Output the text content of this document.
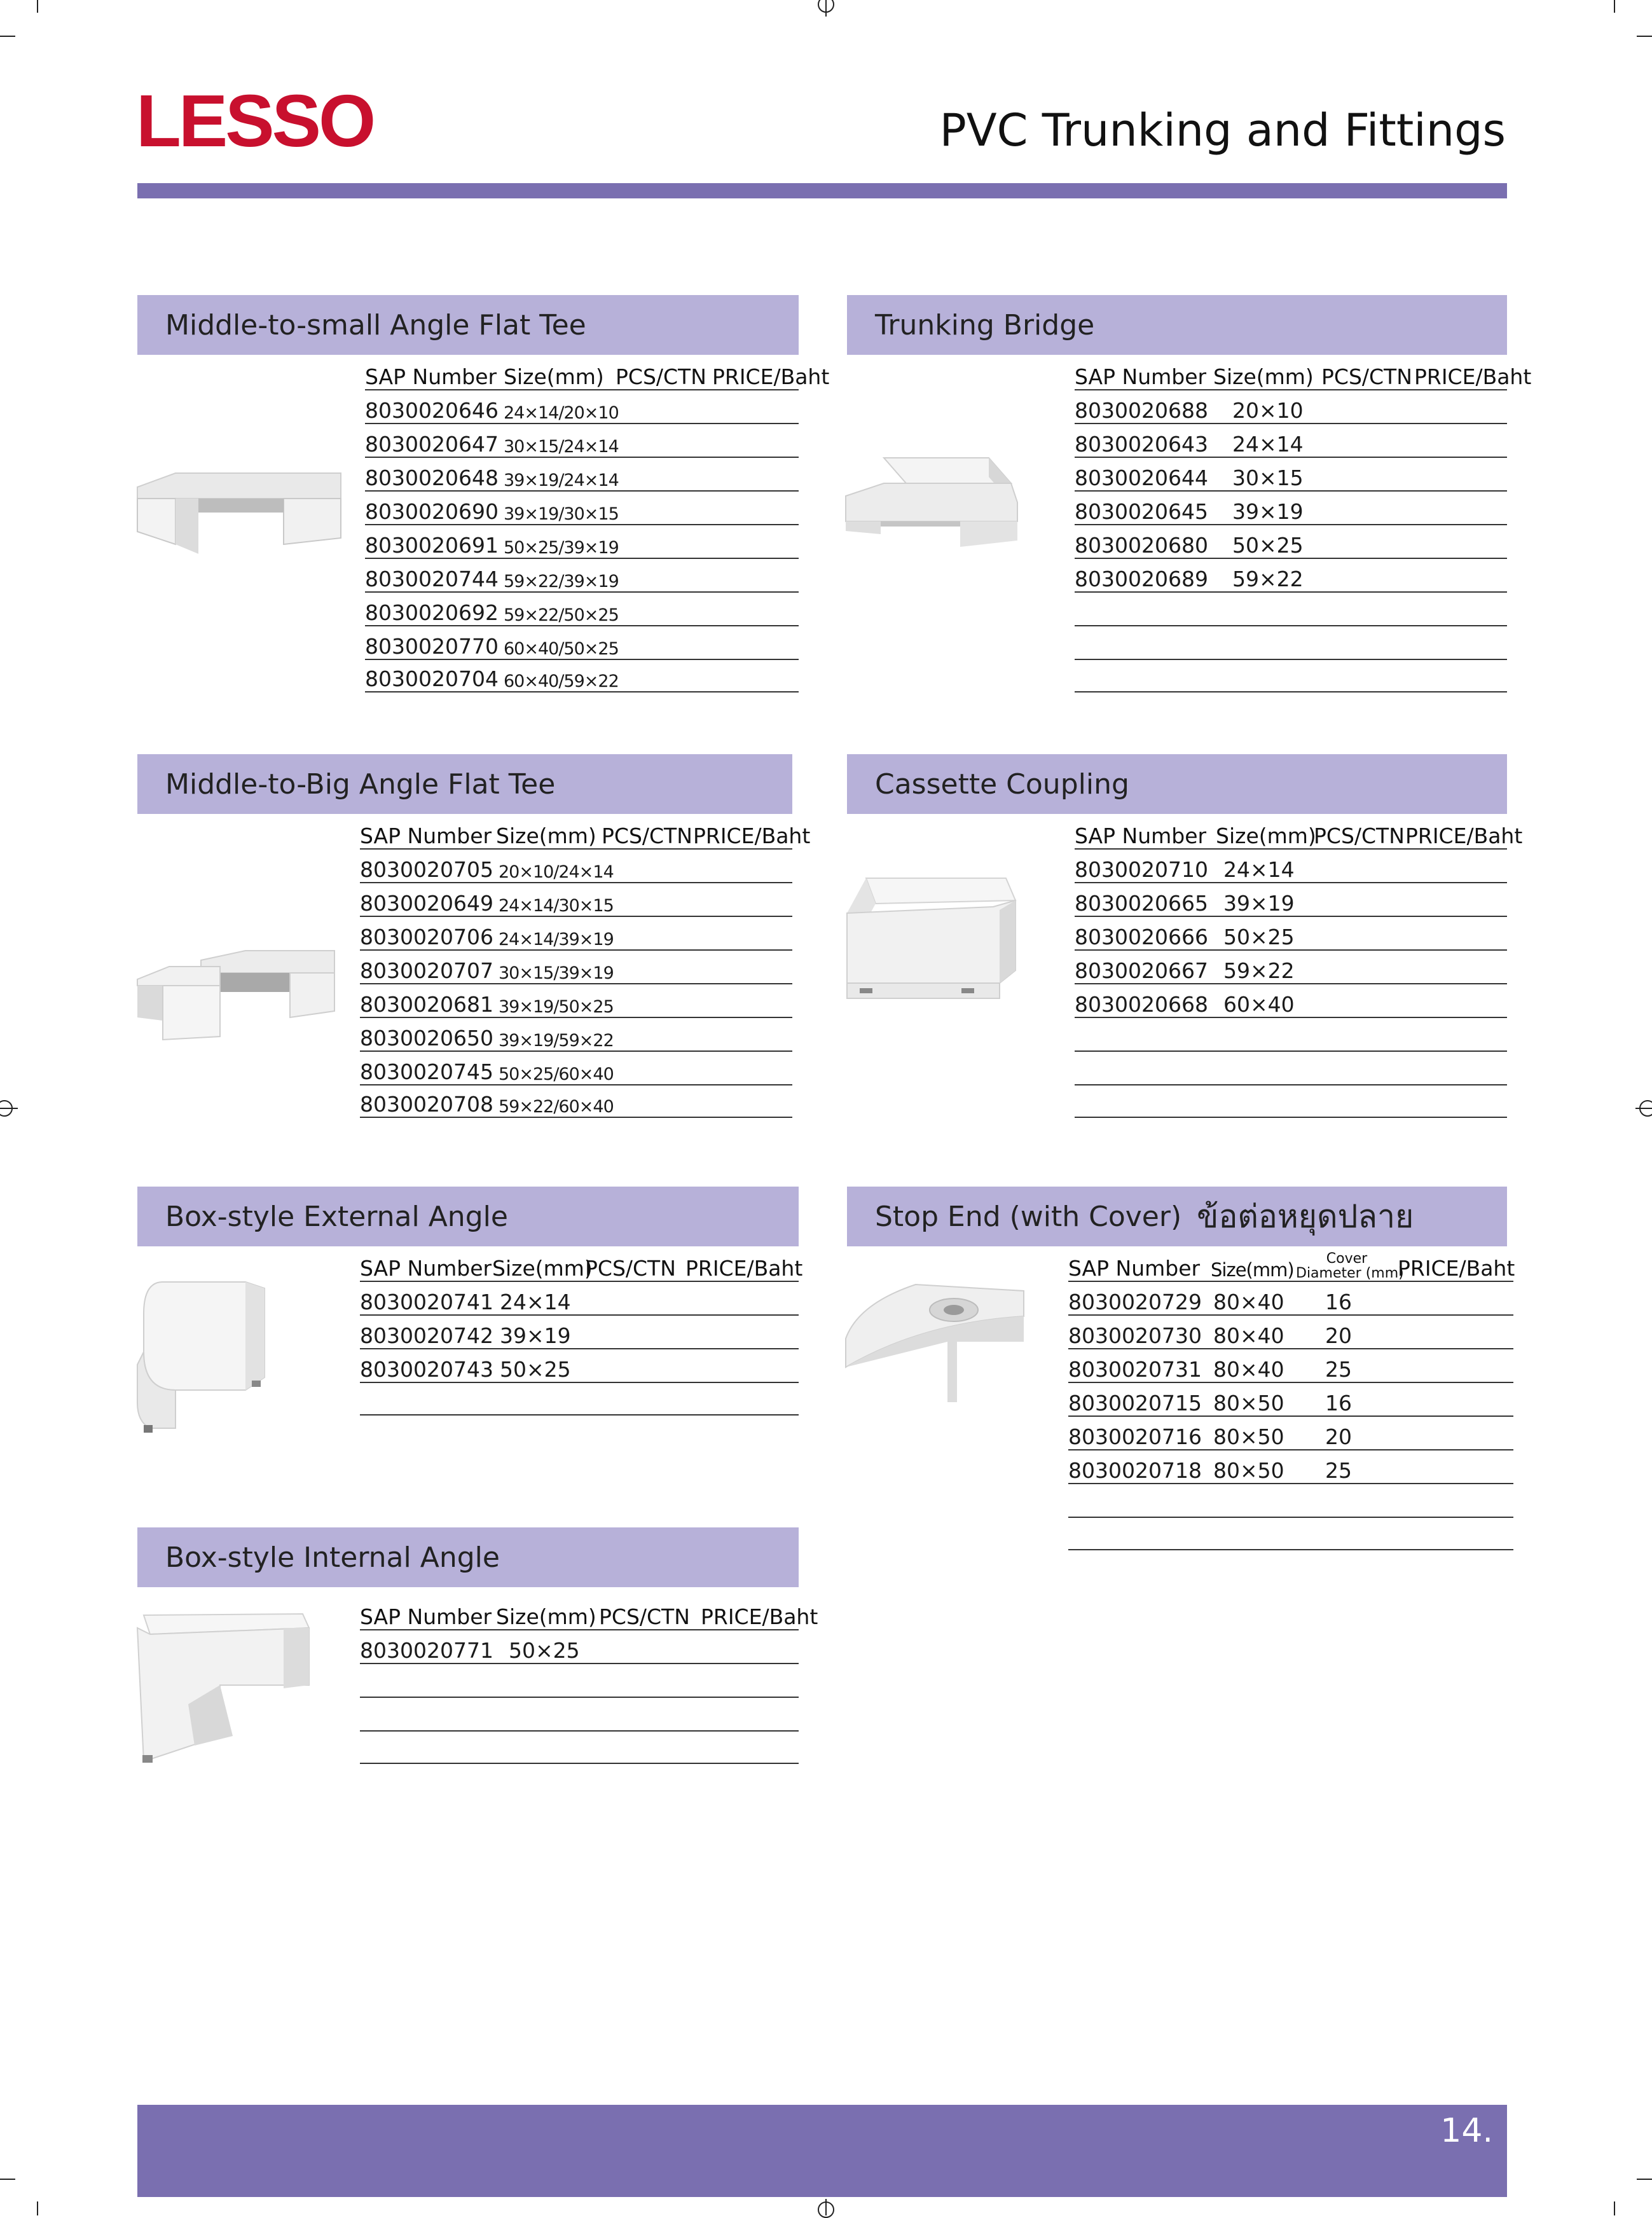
LESSO	PVC Trunking and Fittings
Middle-to-small Angle Flat Tee
SAP Number Size(mm) PCS/CTN PRICE/Baht
8030020646 24×14/20×10
8030020647 30×15/24×14
8030020648 39×19/24×14
8030020690 39×19/30×15
8030020691 50×25/39×19
8030020744 59×22/39×19
8030020692 59×22/50×25
8030020770 60×40/50×25
8030020704 60×40/59×22
Trunking Bridge
SAP Number Size(mm) PCS/CTN PRICE/Baht
8030020688	20×10
8030020643	24×14
8030020644	30×15
8030020645	39×19
8030020680	50×25
8030020689	59×22
Middle-to-Big Angle Flat Tee
SAP Number Size(mm) PCS/CTN PRICE/Baht
8030020705 20×10/24×14
8030020649 24×14/30×15
8030020706 24×14/39×19
8030020707 30×15/39×19
8030020681 39×19/50×25
8030020650 39×19/59×22
8030020745 50×25/60×40
8030020708 59×22/60×40
Cassette Coupling
SAP Number Size(mm)
PCS/CTN PRICE/Baht
8030020710 24×14
8030020665 39×19
8030020666 50×25
8030020667 59×22
8030020668 60×40
Box-style External Angle
SAP Number Size(mm)
PCS/CTN PRICE/Baht
8030020741 24×14
8030020742 39×19
8030020743 50×25
Stop End (with Cover) ข้อต่อหยุดปลาย
SAP Number Size(mm)
Cover
Diameter (mm)
PRICE/Baht
8030020729 80×40	16
8030020730 80×40	20
8030020731 80×40	25
8030020715 80×50	16
8030020716 80×50	20
8030020718 80×50	25
Box-style Internal Angle
SAP Number Size(mm) PCS/CTN PRICE/Baht
8030020771 50×25
14.
